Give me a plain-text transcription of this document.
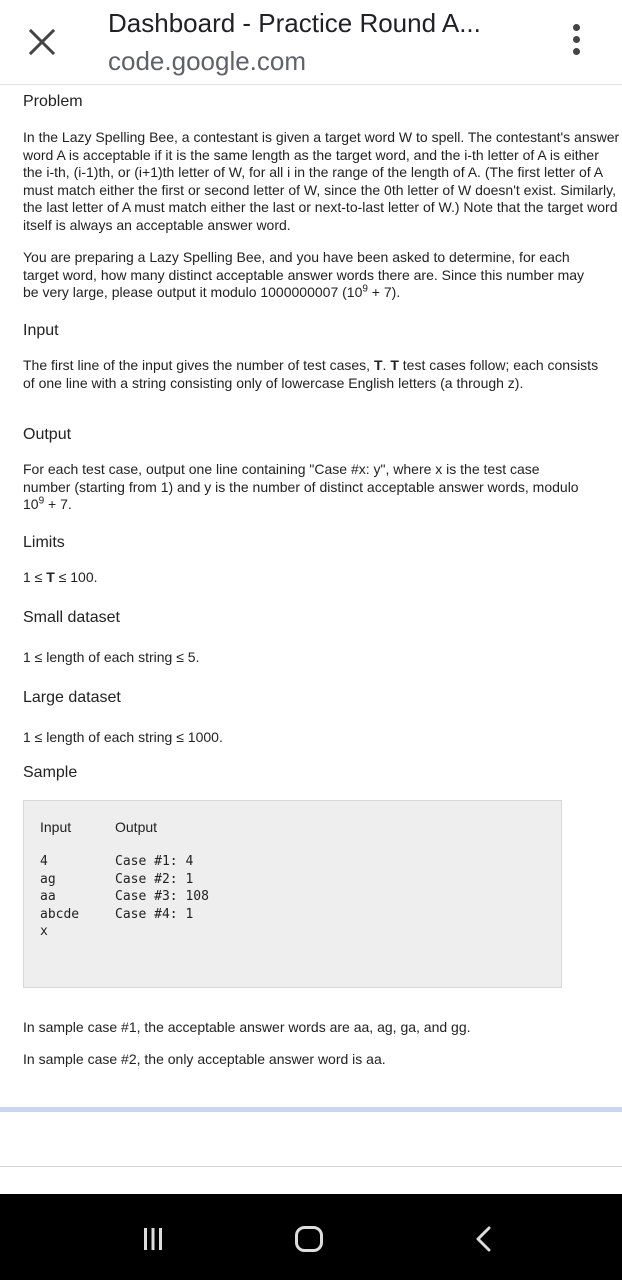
Dashboard - Practice Round A...
code.google.com
Problem

In the Lazy Spelling Bee, a contestant is given a target word W to spell. The contestant's answer word A is acceptable if it is the same length as the target word, and the i-th letter of A is either the i-th, (i-1)th, or (i+1)th letter of W, for all i in the range of the length of A. (The first letter of A must match either the first or second letter of W, since the 0th letter of W doesn't exist. Similarly, the last letter of A must match either the last or next-to-last letter of W.) Note that the target word itself is always an acceptable answer word.

You are preparing a Lazy Spelling Bee, and you have been asked to determine, for each target word, how many distinct acceptable answer words there are. Since this number may be very large, please output it modulo 1000000007 $(10^9 + 7)$.

Input

The first line of the input gives the number of test cases, T. T test cases follow; each consists of one line with a string consisting only of lowercase English letters (a through z).

Output

For each test case, output one line containing "Case #x: y", where x is the test case number (starting from 1) and y is the number of distinct acceptable answer words, modulo $10^9 + 7$.

Limits

1 ≤ T ≤ 100.

Small dataset

1 ≤ length of each string ≤ 5.

Large dataset

1 ≤ length of each string ≤ 1000.

Sample
Input	Output
4
ag
aa
abcde
x
Case #1: 4
Case #2: 1
Case #3: 108
Case #4: 1

In sample case #1, the acceptable answer words are aa, ag, ga, and gg.

In sample case #2, the only acceptable answer word is aa.
